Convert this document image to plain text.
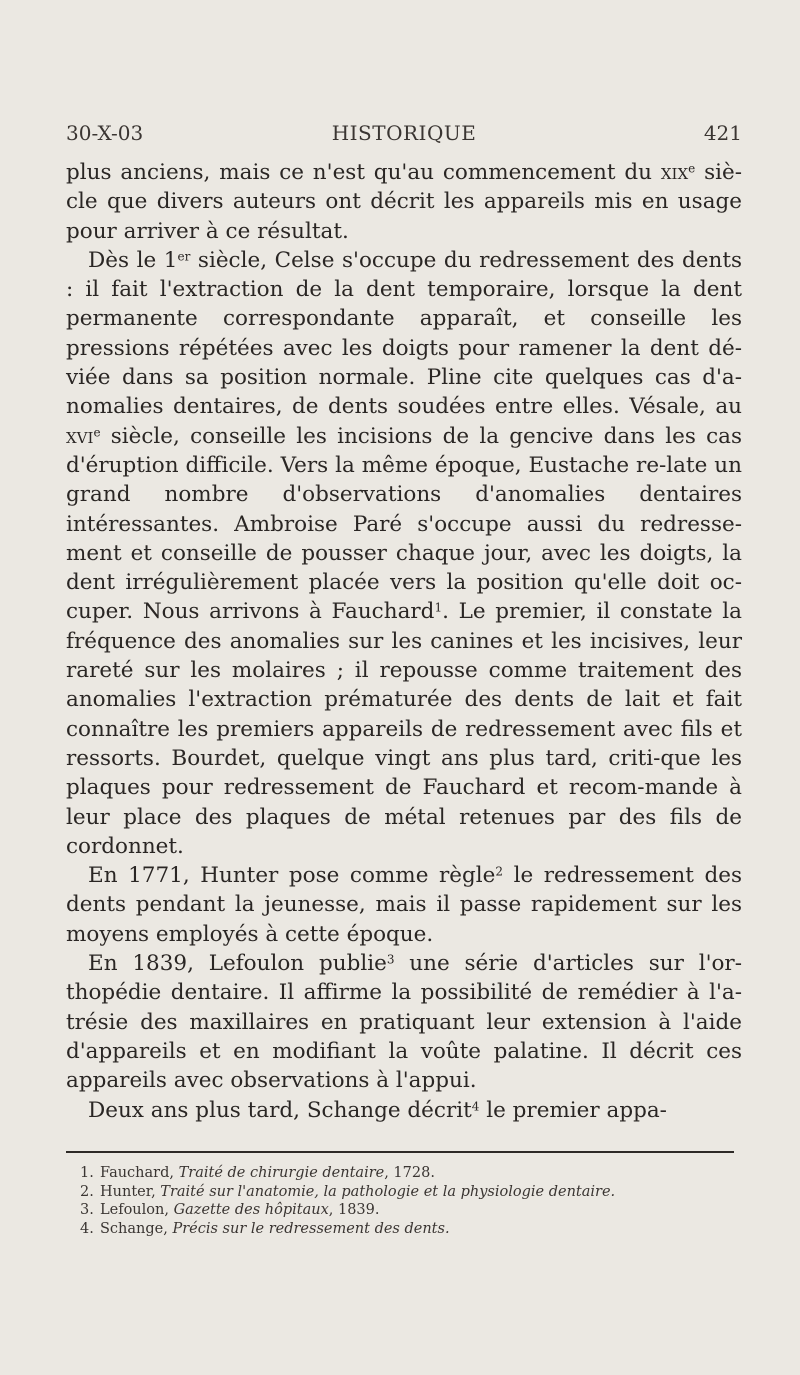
30-X-03	HISTORIQUE	421

plus anciens, mais ce n'est qu'au commencement du xix$^e$ siè-cle que divers auteurs ont décrit les appareils mis en usage pour arriver à ce résultat.

Dès le 1er siècle, Celse s'occupe du redressement des dents : il fait l'extraction de la dent temporaire, lorsque la dent permanente correspondante apparaît, et conseille les pressions répétées avec les doigts pour ramener la dent dé-viée dans sa position normale. Pline cite quelques cas d'a-nomalies dentaires, de dents soudées entre elles. Vésale, au xvi$^e$ siècle, conseille les incisions de la gencive dans les cas d'éruption difficile. Vers la même époque, Eustache re-late un grand nombre d'observations d'anomalies dentaires intéressantes. Ambroise Paré s'occupe aussi du redresse-ment et conseille de pousser chaque jour, avec les doigts, la dent irrégulièrement placée vers la position qu'elle doit oc-cuper. Nous arrivons à Fauchard$^1$. Le premier, il constate la fréquence des anomalies sur les canines et les incisives, leur rareté sur les molaires ; il repousse comme traitement des anomalies l'extraction prématurée des dents de lait et fait connaître les premiers appareils de redressement avec fils et ressorts. Bourdet, quelque vingt ans plus tard, criti-que les plaques pour redressement de Fauchard et recom-mande à leur place des plaques de métal retenues par des fils de cordonnet.

En 1771, Hunter pose comme règle$^2$ le redressement des dents pendant la jeunesse, mais il passe rapidement sur les moyens employés à cette époque.

En 1839, Lefoulon publie$^3$ une série d'articles sur l'or-thopédie dentaire. Il affirme la possibilité de remédier à l'a-trésie des maxillaires en pratiquant leur extension à l'aide d'appareils et en modifiant la voûte palatine. Il décrit ces appareils avec observations à l'appui.

Deux ans plus tard, Schange décrit$^4$ le premier appa-

1. Fauchard, Traité de chirurgie dentaire, 1728.
2. Hunter, Traité sur l'anatomie, la pathologie et la physiologie dentaire.
3. Lefoulon, Gazette des hôpitaux, 1839.
4. Schange, Précis sur le redressement des dents.
